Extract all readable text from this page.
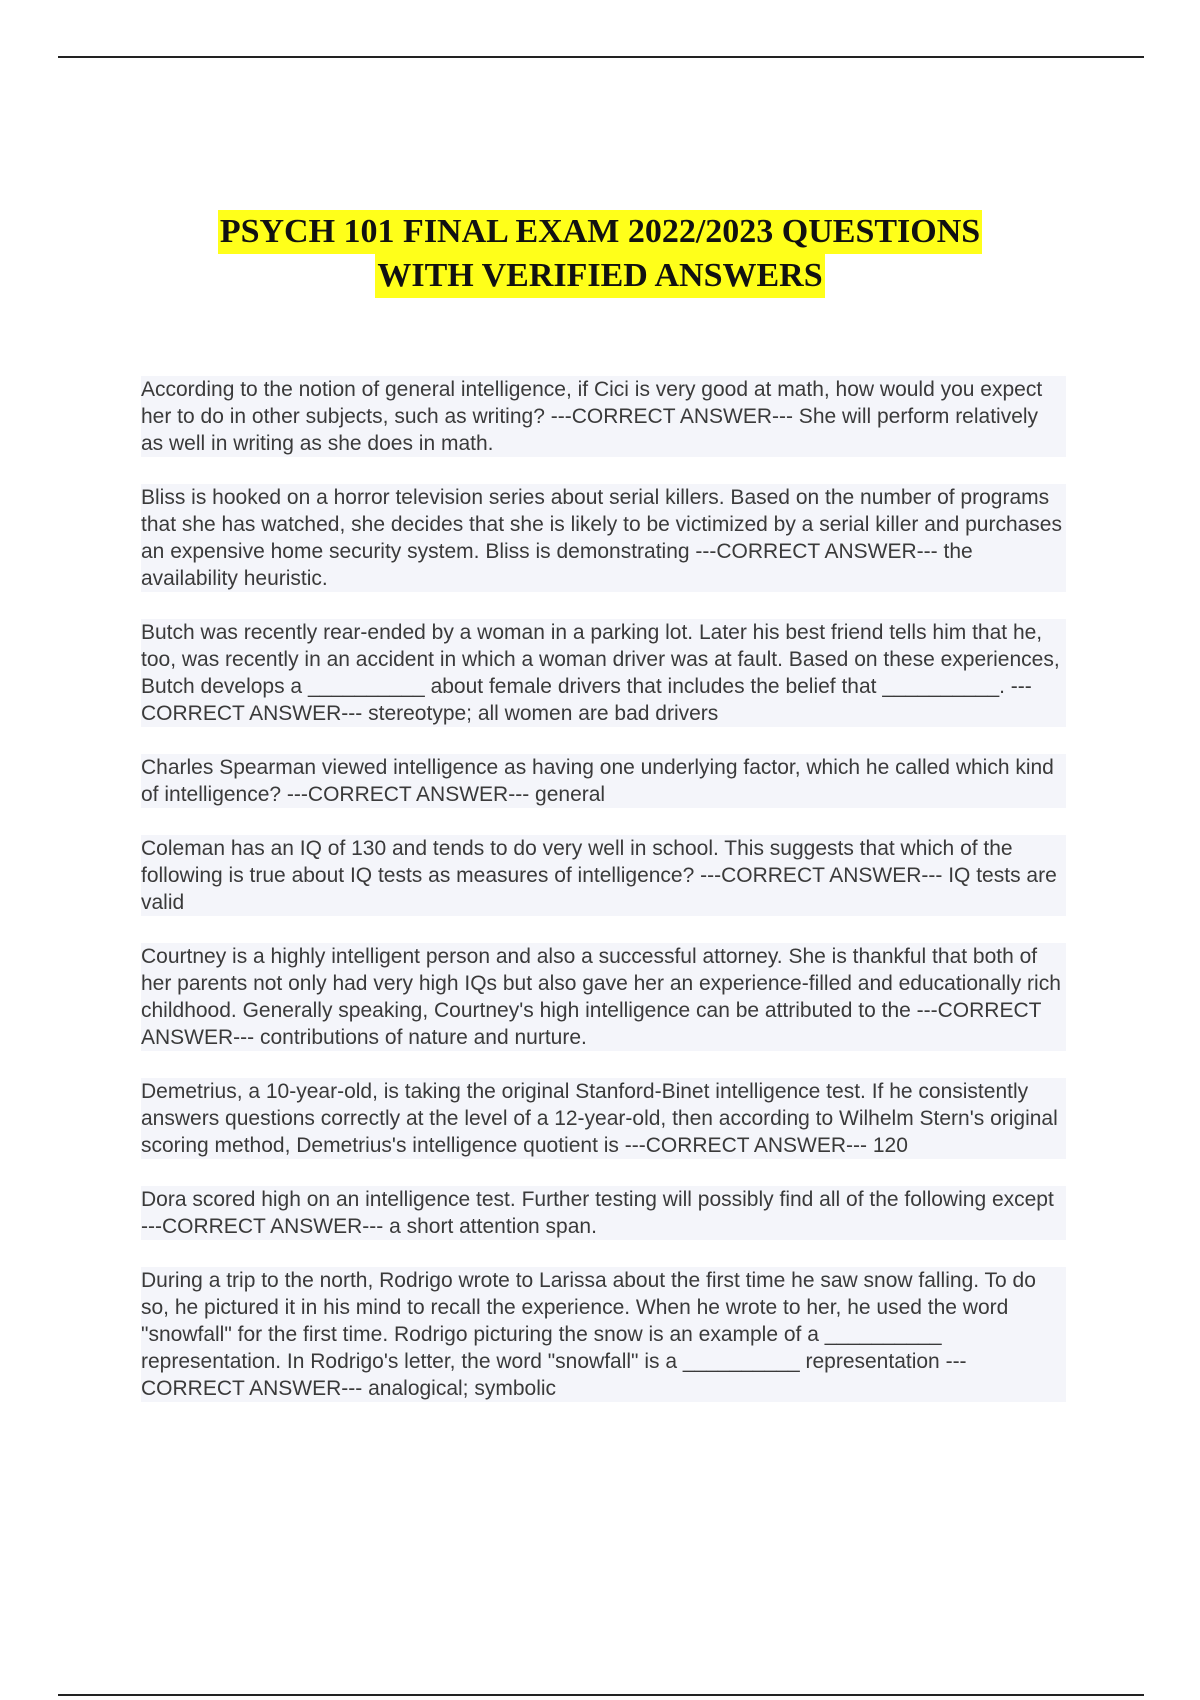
PSYCH 101 FINAL EXAM 2022/2023 QUESTIONS
WITH VERIFIED ANSWERS

According to the notion of general intelligence, if Cici is very good at math, how would you expect her to do in other subjects, such as writing? ---CORRECT ANSWER--- She will perform relatively as well in writing as she does in math.

Bliss is hooked on a horror television series about serial killers. Based on the number of programs that she has watched, she decides that she is likely to be victimized by a serial killer and purchases an expensive home security system. Bliss is demonstrating ---CORRECT ANSWER--- the availability heuristic.

Butch was recently rear-ended by a woman in a parking lot. Later his best friend tells him that he, too, was recently in an accident in which a woman driver was at fault. Based on these experiences, Butch develops a __________ about female drivers that includes the belief that __________. ---CORRECT ANSWER--- stereotype; all women are bad drivers

Charles Spearman viewed intelligence as having one underlying factor, which he called which kind of intelligence? ---CORRECT ANSWER--- general

Coleman has an IQ of 130 and tends to do very well in school. This suggests that which of the following is true about IQ tests as measures of intelligence? ---CORRECT ANSWER--- IQ tests are valid

Courtney is a highly intelligent person and also a successful attorney. She is thankful that both of her parents not only had very high IQs but also gave her an experience-filled and educationally rich childhood. Generally speaking, Courtney's high intelligence can be attributed to the ---CORRECT ANSWER--- contributions of nature and nurture.

Demetrius, a 10-year-old, is taking the original Stanford-Binet intelligence test. If he consistently answers questions correctly at the level of a 12-year-old, then according to Wilhelm Stern's original scoring method, Demetrius's intelligence quotient is ---CORRECT ANSWER--- 120

Dora scored high on an intelligence test. Further testing will possibly find all of the following except ---CORRECT ANSWER--- a short attention span.

During a trip to the north, Rodrigo wrote to Larissa about the first time he saw snow falling. To do so, he pictured it in his mind to recall the experience. When he wrote to her, he used the word "snowfall" for the first time. Rodrigo picturing the snow is an example of a __________ representation. In Rodrigo's letter, the word "snowfall" is a __________ representation ---CORRECT ANSWER--- analogical; symbolic
